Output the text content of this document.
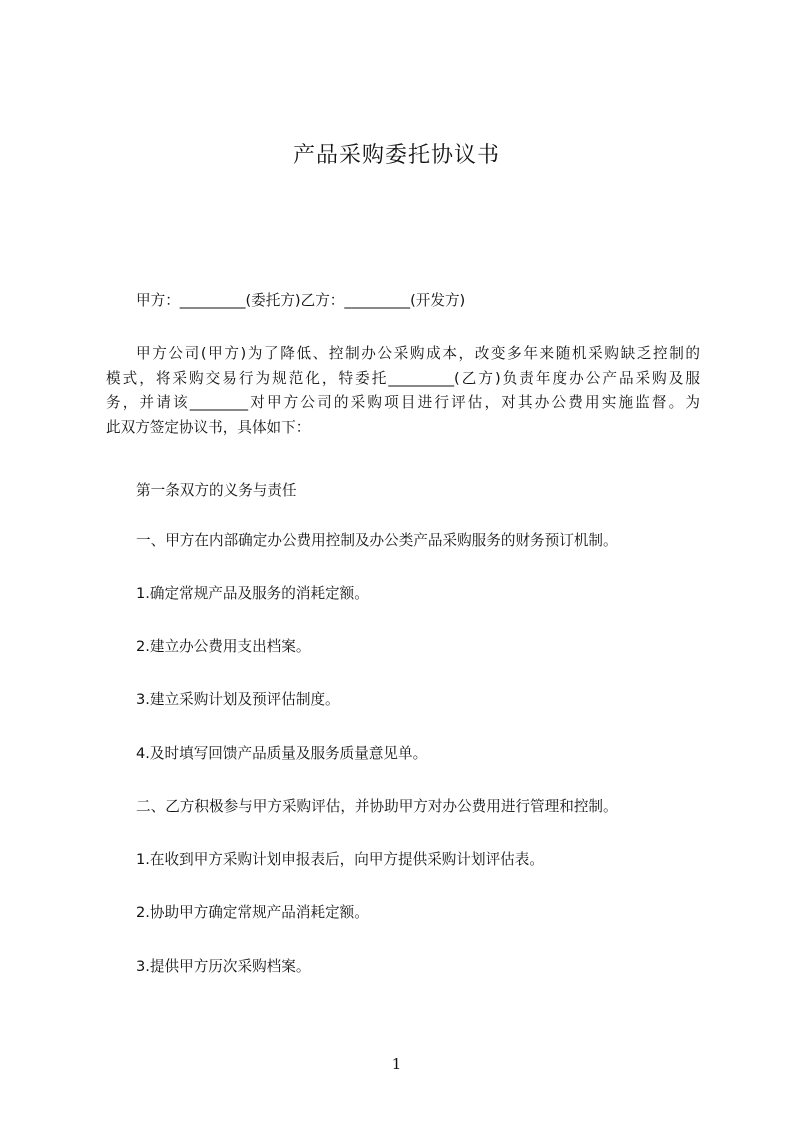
产品采购委托协议书
甲方：_________(委托方)乙方：_________(开发方)
甲方公司(甲方)为了降低、控制办公采购成本，改变多年来随机采购缺乏控制的
模式，将采购交易行为规范化，特委托_________(乙方)负责年度办公产品采购及服
务，并请该________对甲方公司的采购项目进行评估，对其办公费用实施监督。为
此双方签定协议书，具体如下：
第一条双方的义务与责任
一、甲方在内部确定办公费用控制及办公类产品采购服务的财务预订机制。
1.确定常规产品及服务的消耗定额。
2.建立办公费用支出档案。
3.建立采购计划及预评估制度。
4.及时填写回馈产品质量及服务质量意见单。
二、乙方积极参与甲方采购评估，并协助甲方对办公费用进行管理和控制。
1.在收到甲方采购计划申报表后，向甲方提供采购计划评估表。
2.协助甲方确定常规产品消耗定额。
3.提供甲方历次采购档案。
1
